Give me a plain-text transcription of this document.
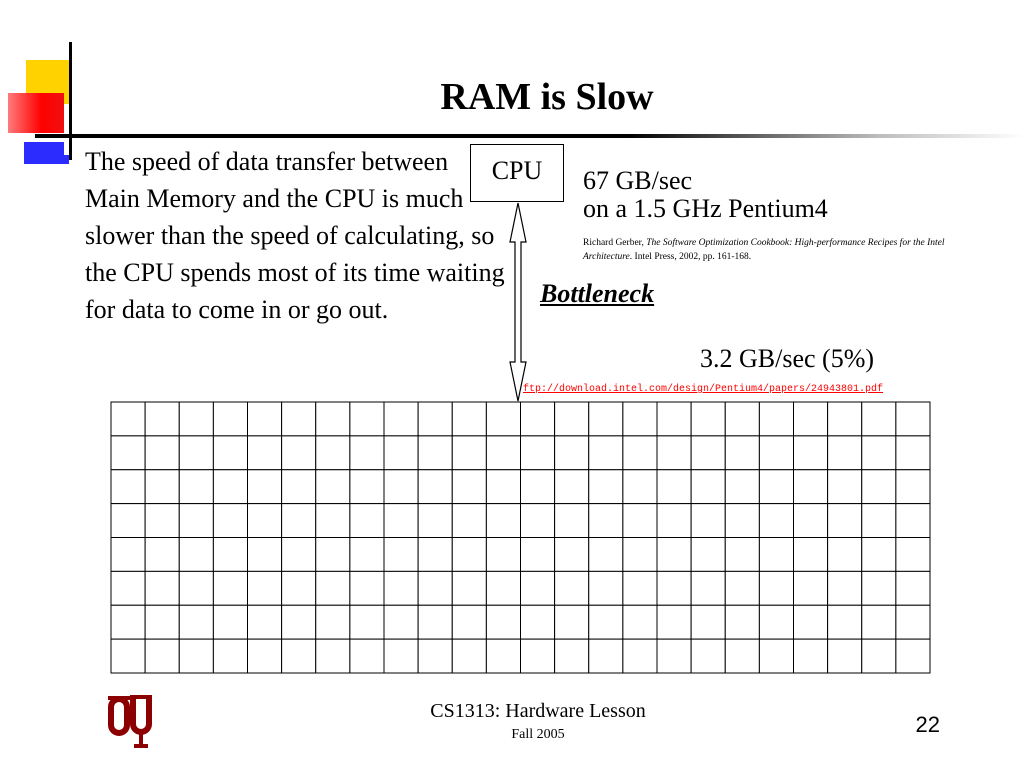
RAM is Slow
The speed of data transfer between Main Memory and the CPU is much slower than the speed of calculating, so the CPU spends most of its time waiting for data to come in or go out.
CPU	67 GB/sec
on a 1.5 GHz Pentium4
Richard Gerber, The Software Optimization Cookbook: High-performance Recipes for the Intel Architecture. Intel Press, 2002, pp. 161-168.
Bottleneck
3.2 GB/sec (5%)
ftp://download.intel.com/design/Pentium4/papers/24943801.pdf
CS1313: Hardware Lesson
Fall 2005	22
